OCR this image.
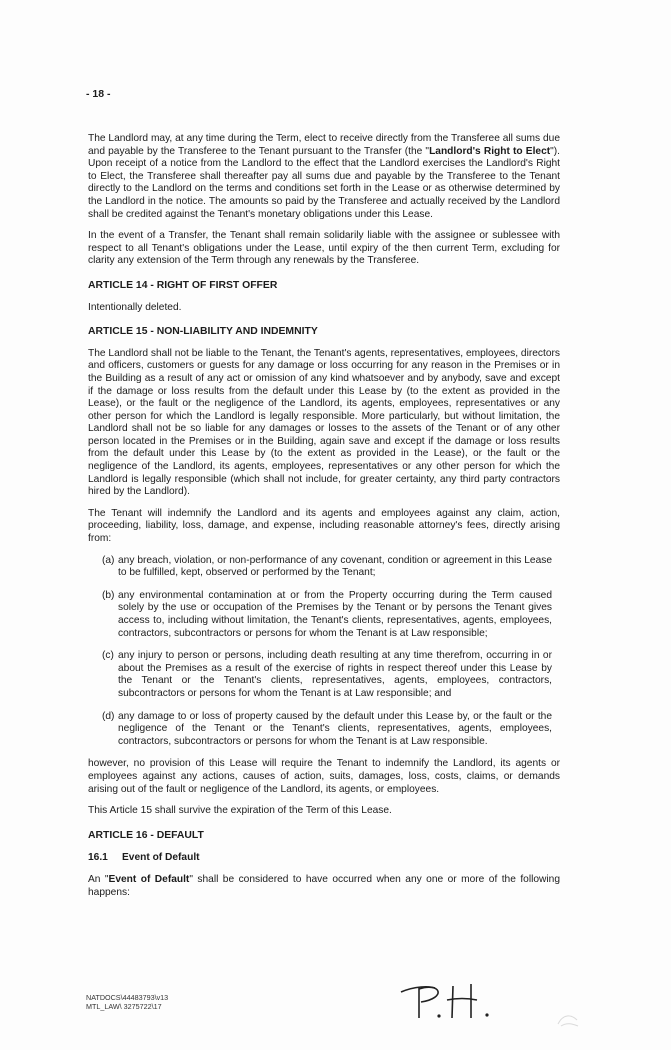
- 18 -

The Landlord may, at any time during the Term, elect to receive directly from the Transferee all sums due and payable by the Transferee to the Tenant pursuant to the Transfer (the "Landlord's Right to Elect"). Upon receipt of a notice from the Landlord to the effect that the Landlord exercises the Landlord's Right to Elect, the Transferee shall thereafter pay all sums due and payable by the Transferee to the Tenant directly to the Landlord on the terms and conditions set forth in the Lease or as otherwise determined by the Landlord in the notice. The amounts so paid by the Transferee and actually received by the Landlord shall be credited against the Tenant's monetary obligations under this Lease.

In the event of a Transfer, the Tenant shall remain solidarily liable with the assignee or sublessee with respect to all Tenant's obligations under the Lease, until expiry of the then current Term, excluding for clarity any extension of the Term through any renewals by the Transferee.

ARTICLE 14 - RIGHT OF FIRST OFFER

Intentionally deleted.

ARTICLE 15 - NON-LIABILITY AND INDEMNITY

The Landlord shall not be liable to the Tenant, the Tenant's agents, representatives, employees, directors and officers, customers or guests for any damage or loss occurring for any reason in the Premises or in the Building as a result of any act or omission of any kind whatsoever and by anybody, save and except if the damage or loss results from the default under this Lease by (to the extent as provided in the Lease), or the fault or the negligence of the Landlord, its agents, employees, representatives or any other person for which the Landlord is legally responsible. More particularly, but without limitation, the Landlord shall not be so liable for any damages or losses to the assets of the Tenant or of any other person located in the Premises or in the Building, again save and except if the damage or loss results from the default under this Lease by (to the extent as provided in the Lease), or the fault or the negligence of the Landlord, its agents, employees, representatives or any other person for which the Landlord is legally responsible (which shall not include, for greater certainty, any third party contractors hired by the Landlord).

The Tenant will indemnify the Landlord and its agents and employees against any claim, action, proceeding, liability, loss, damage, and expense, including reasonable attorney's fees, directly arising from:

(a) any breach, violation, or non-performance of any covenant, condition or agreement in this Lease to be fulfilled, kept, observed or performed by the Tenant;
(b) any environmental contamination at or from the Property occurring during the Term caused solely by the use or occupation of the Premises by the Tenant or by persons the Tenant gives access to, including without limitation, the Tenant's clients, representatives, agents, employees, contractors, subcontractors or persons for whom the Tenant is at Law responsible;
(c) any injury to person or persons, including death resulting at any time therefrom, occurring in or about the Premises as a result of the exercise of rights in respect thereof under this Lease by the Tenant or the Tenant's clients, representatives, agents, employees, contractors, subcontractors or persons for whom the Tenant is at Law responsible; and
(d) any damage to or loss of property caused by the default under this Lease by, or the fault or the negligence of the Tenant or the Tenant's clients, representatives, agents, employees, contractors, subcontractors or persons for whom the Tenant is at Law responsible.

however, no provision of this Lease will require the Tenant to indemnify the Landlord, its agents or employees against any actions, causes of action, suits, damages, loss, costs, claims, or demands arising out of the fault or negligence of the Landlord, its agents, or employees.

This Article 15 shall survive the expiration of the Term of this Lease.

ARTICLE 16 - DEFAULT
16.1 Event of Default

An "Event of Default" shall be considered to have occurred when any one or more of the following happens:

NATDOCS\44483793\v13
MTL_LAW\ 3275722\17
